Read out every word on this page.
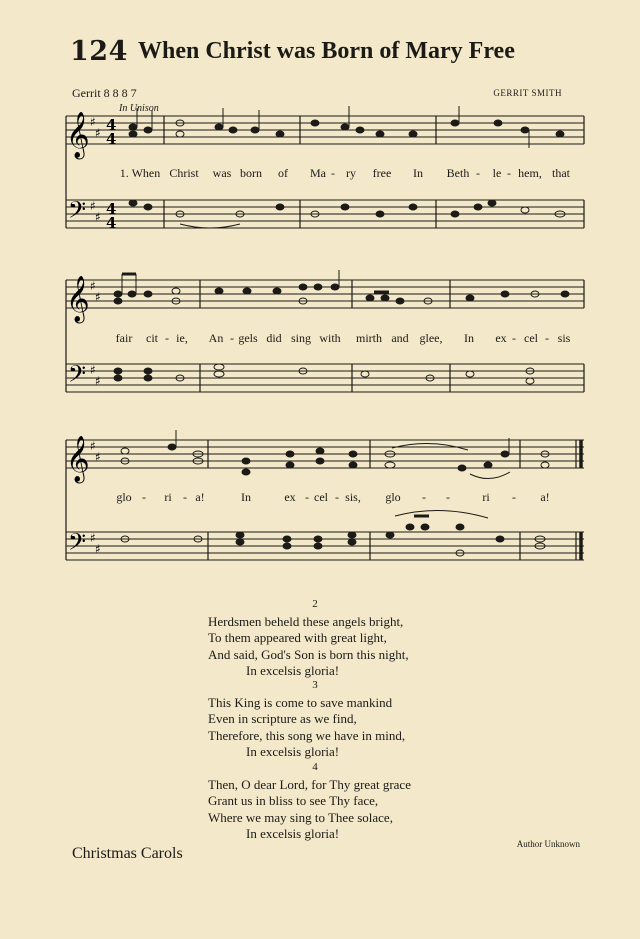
124 When Christ was Born of Mary Free
Gerrit 8 8 8 7	GERRIT SMITH
In Unison
𝄞
𝄢
♯
♯
♯
♯
4
4
4
4
1. When Christ was born of Ma - ry free In Beth - le - hem, that
𝄞
𝄢
♯
♯
♯
♯
fair cit - ie, An - gels did sing with mirth and glee, In ex - cel - sis
𝄞
𝄢
♯
♯
♯
♯
glo - ri - a!	In	ex - cel - sis, glo - -	ri - a!
2
Herdsmen beheld these angels bright,
To them appeared with great light,
And said, God's Son is born this night,
In excelsis gloria!
3
This King is come to save mankind
Even in scripture as we find,
Therefore, this song we have in mind,
In excelsis gloria!
4
Then, O dear Lord, for Thy great grace
Grant us in bliss to see Thy face,
Where we may sing to Thee solace,
In excelsis gloria!
Christmas Carols
Author Unknown
